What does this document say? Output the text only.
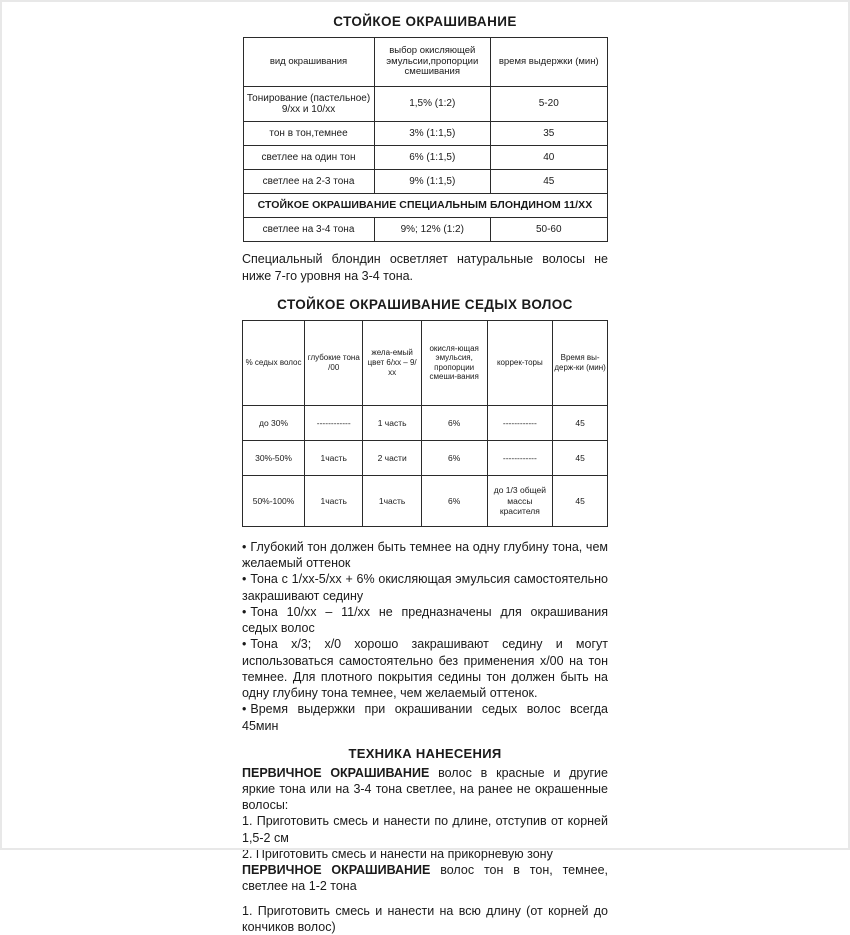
СТОЙКОЕ ОКРАШИВАНИЕ
вид окрашивания	выбор окисляющей эмульсии,пропорции смешивания	время выдержки (мин)
Тонирование (пастельное) 9/хх и 10/хх	1,5% (1:2)	5-20
тон в тон,темнее	3% (1:1,5)	35
светлее на один тон	6% (1:1,5)	40
светлее на 2-3 тона	9% (1:1,5)	45
СТОЙКОЕ ОКРАШИВАНИЕ СПЕЦИАЛЬНЫМ БЛОНДИНОМ 11/ХХ		
светлее на 3-4 тона	9%; 12% (1:2)	50-60
Специальный блондин осветляет натуральные волосы не ниже 7-го уровня на 3-4 тона.
СТОЙКОЕ ОКРАШИВАНИЕ СЕДЫХ ВОЛОС
% седых волос	глубокие тона /00	жела-емый цвет 6/хх – 9/хх	окисля-ющая эмульсия, пропорции смеши-вания	коррек-торы	Время вы-держ-ки (мин)
до 30%	------------	1 часть	6%	------------	45
30%-50%	1часть	2 части	6%	------------	45
50%-100%	1часть	1часть	6%	до 1/3 общей массы красителя	45
• Глубокий тон должен быть темнее на одну глубину тона, чем желаемый оттенок
• Тона с 1/хх-5/хх + 6% окисляющая эмульсия самостоятельно закрашивают седину
• Тона 10/хх – 11/хх не предназначены для окрашивания седых волос
• Тона х/3; х/0 хорошо закрашивают седину и могут использоваться самостоятельно без применения х/00 на тон темнее. Для плотного покрытия седины тон должен быть на одну глубину тона темнее, чем желаемый оттенок.
• Время выдержки при окрашивании седых волос всегда 45мин
ТЕХНИКА НАНЕСЕНИЯ

ПЕРВИЧНОЕ ОКРАШИВАНИЕ волос в красные и другие яркие тона или на 3-4 тона светлее, на ранее не окрашенные волосы:

1. Приготовить смесь и нанести по длине, отступив от корней 1,5-2 см

2. Приготовить смесь и нанести на прикорневую зону

ПЕРВИЧНОЕ ОКРАШИВАНИЕ волос тон в тон, темнее, светлее на 1-2 тона

1. Приготовить смесь и нанести на всю длину (от корней до кончиков волос)
